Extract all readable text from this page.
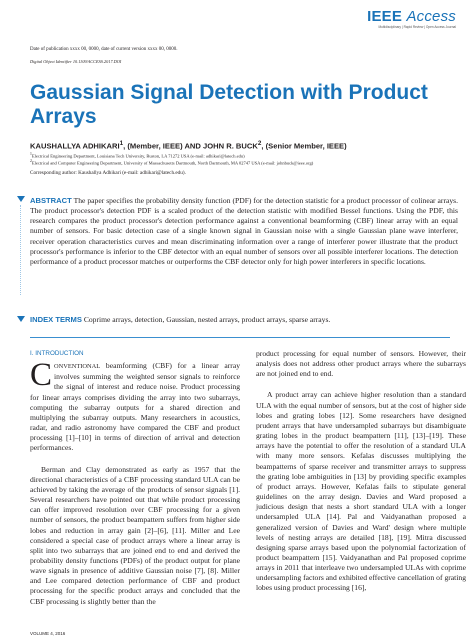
IEEE Access
Multidisciplinary | Rapid Review | Open Access Journal
Date of publication xxxx 00, 0000, date of current version xxxx 00, 0000.
Digital Object Identifier 10.1109/ACCESS.2017.DOI
Gaussian Signal Detection with Product Arrays
KAUSHALLYA ADHIKARI$^1$, (Member, IEEE) AND JOHN R. BUCK$^2$, (Senior Member, IEEE)
$^1$Electrical Engineering Department, Louisiana Tech University, Ruston, LA 71272 USA (e-mail: adhikari@latech.edu)
$^2$Electrical and Computer Engineering Department, University of Massachusetts Dartmouth, North Dartmouth, MA 02747 USA (e-mail: johnbuck@ieee.org)
Corresponding author: Kaushallya Adhikari (e-mail: adhikari@latech.edu).
ABSTRACT The paper specifies the probability density function (PDF) for the detection statistic for a product processor of colinear arrays. The product processor's detection PDF is a scaled product of the detection statistic with modified Bessel functions. Using the PDF, this research compares the product processor's detection performance against a conventional beamforming (CBF) linear array with an equal number of sensors. For basic detection case of a single known signal in Gaussian noise with a single Gaussian plane wave interferer, receiver operation characteristics curves and mean discriminating information over a range of interferer power illustrate that the product processor's performance is inferior to the CBF detector with an equal number of sensors over all possible interferer locations. The detection performance of a product processor matches or outperforms the CBF detector only for high power interferers in specific locations.
INDEX TERMS Coprime arrays, detection, Gaussian, nested arrays, product arrays, sparse arrays.
I. INTRODUCTION

CONVENTIONAL beamforming (CBF) for a linear array involves summing the weighted sensor signals to reinforce the signal of interest and reduce noise. Product processing for linear arrays comprises dividing the array into two subarrays, computing the subarray outputs for a shared direction and multiplying the subarray outputs. Many researchers in acoustics, radar, and radio astronomy have compared the CBF and product processing [1]–[10] in terms of direction of arrival and detection performances.

Berman and Clay demonstrated as early as 1957 that the directional characteristics of a CBF processing standard ULA can be achieved by taking the average of the products of sensor signals [1]. Several researchers have pointed out that while product processing can offer improved resolution over CBF processing for a given number of sensors, the product beampattern suffers from higher side lobes and reduction in array gain [2]–[6], [11]. Miller and Lee considered a special case of product arrays where a linear array is split into two subarrays that are joined end to end and derived the probability density functions (PDFs) of the product output for plane wave signals in presence of additive Gaussian noise [7], [8]. Miller and Lee compared detection performance of CBF and product processing for the specific product arrays and concluded that the CBF processing is slightly better than the

product processing for equal number of sensors. However, their analysis does not address other product arrays where the subarrays are not joined end to end.

A product array can achieve higher resolution than a standard ULA with the equal number of sensors, but at the cost of higher side lobes and grating lobes [12]. Some researchers have designed prudent arrays that have undersampled subarrays but disambiguate grating lobes in the product beampattern [11], [13]–[19]. These arrays have the potential to offer the resolution of a standard ULA with many more sensors. Kefalas discusses multiplying the beampatterns of sparse receiver and transmitter arrays to suppress the grating lobe ambiguities in [13] by providing specific examples of product arrays. However, Kefalas fails to stipulate general guidelines on the array design. Davies and Ward proposed a judicious design that nests a short standard ULA with a longer undersampled ULA [14]. Pal and Vaidyanathan proposed a generalized version of Davies and Ward' design where multiple levels of nesting arrays are detailed [18], [19]. Mitra discussed designing sparse arrays based upon the polynomial factorization of product beampattern [15]. Vaidyanathan and Pal proposed coprime arrays in 2011 that interleave two undersampled ULAs with coprime undersampling factors and exhibited effective cancellation of grating lobes using product processing [16],

VOLUME 4, 2016
